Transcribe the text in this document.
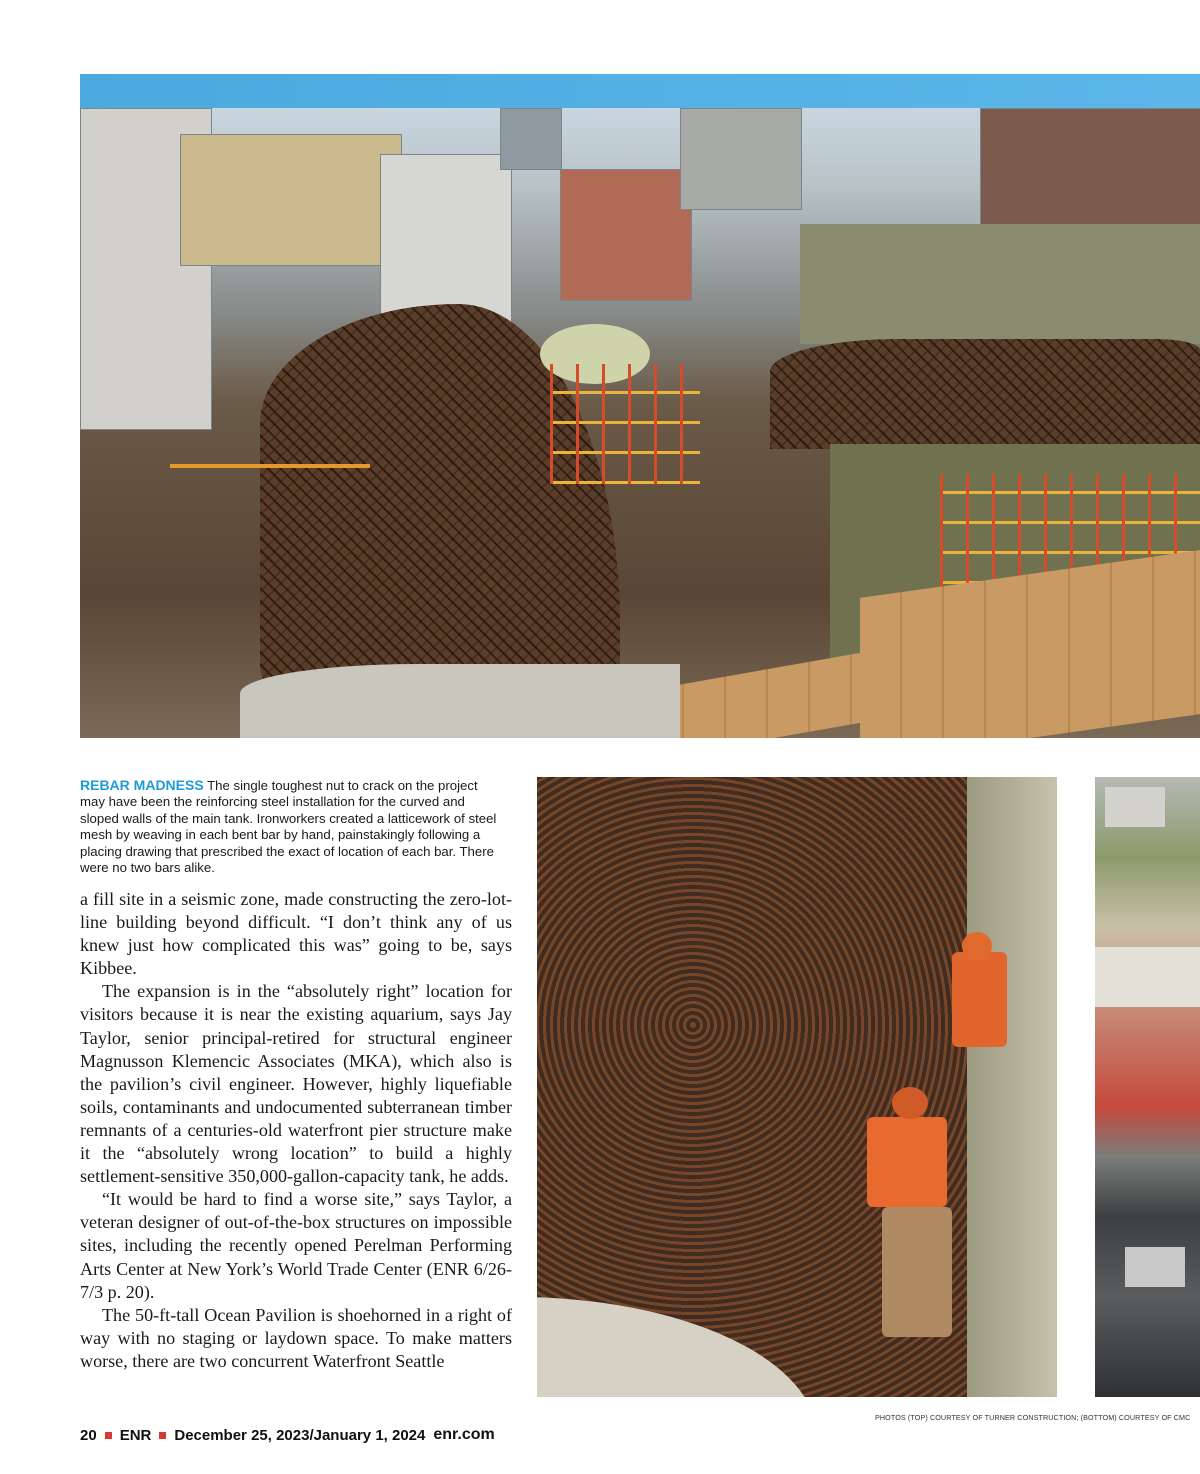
REBAR MADNESS The single toughest nut to crack on the project may have been the reinforcing steel installation for the curved and sloped walls of the main tank. Ironworkers created a latticework of steel mesh by weaving in each bent bar by hand, painstakingly following a placing drawing that prescribed the exact of location of each bar. There were no two bars alike.

a fill site in a seismic zone, made constructing the zero-lot-line building beyond difficult. “I don’t think any of us knew just how complicated this was” going to be, says Kibbee.

The expansion is in the “absolutely right” location for visitors because it is near the existing aquarium, says Jay Taylor, senior principal-retired for structural engineer Magnusson Klemencic Associates (MKA), which also is the pavilion’s civil engineer. However, highly liquefiable soils, contaminants and undocumented subterranean timber remnants of a centuries-old waterfront pier structure make it the “absolutely wrong location” to build a highly settlement-sensitive 350,000-gallon-capacity tank, he adds.

“It would be hard to find a worse site,” says Taylor, a veteran designer of out-of-the-box structures on impossible sites, including the recently opened Perelman Performing Arts Center at New York’s World Trade Center (ENR 6/26-7/3 p. 20).

The 50-ft-tall Ocean Pavilion is shoehorned in a right of way with no staging or laydown space. To make matters worse, there are two concurrent Waterfront Seattle

PHOTOS (TOP) COURTESY OF TURNER CONSTRUCTION; (BOTTOM) COURTESY OF CMC
20 ENR December 25, 2023/January 1, 2024 enr.com
